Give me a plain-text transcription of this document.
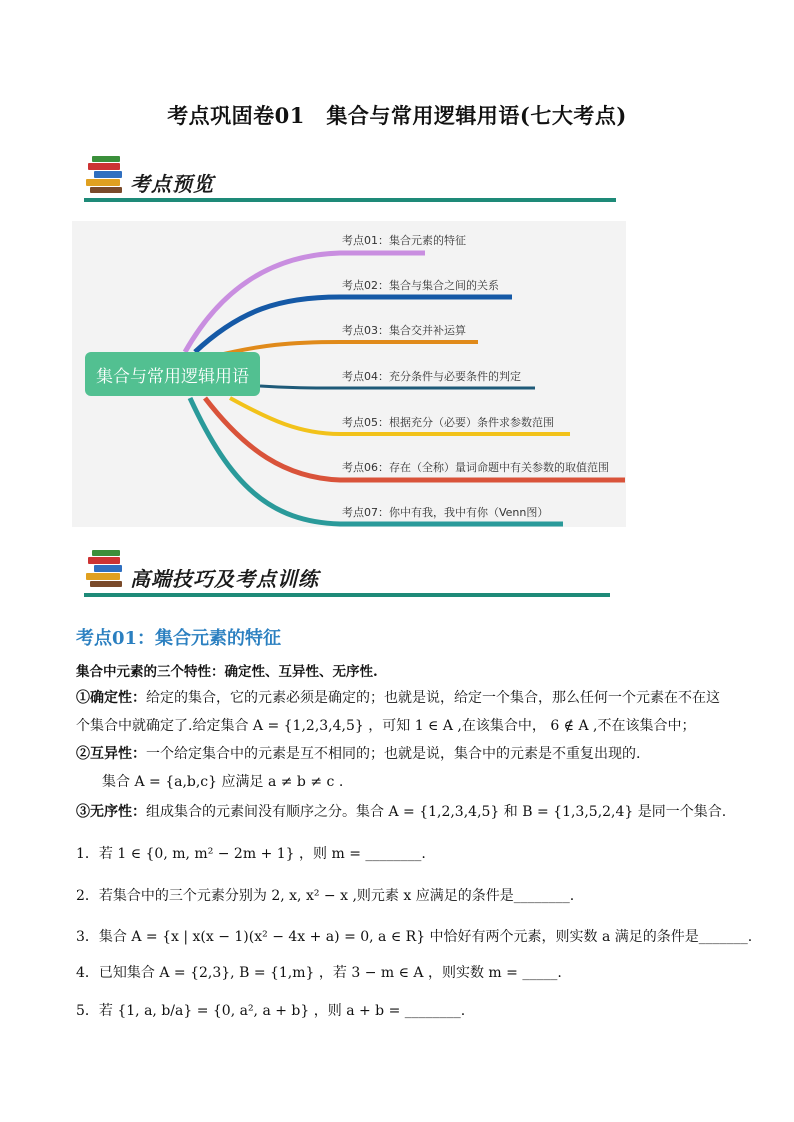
考点巩固卷01　集合与常用逻辑用语(七大考点)
考点预览
集合与常用逻辑用语
考点01：集合元素的特征
考点02：集合与集合之间的关系
考点03：集合交并补运算
考点04：充分条件与必要条件的判定
考点05：根据充分（必要）条件求参数范围
考点06：存在（全称）量词命题中有关参数的取值范围
考点07：你中有我，我中有你（Venn图）
高端技巧及考点训练
考点01：集合元素的特征
集合中元素的三个特性：确定性、互异性、无序性.
①确定性：给定的集合，它的元素必须是确定的；也就是说，给定一个集合，那么任何一个元素在不在这
个集合中就确定了.给定集合 A = {1,2,3,4,5} ，可知 1 ∈ A ,在该集合中， 6 ∉ A ,不在该集合中；
②互异性：一个给定集合中的元素是互不相同的；也就是说，集合中的元素是不重复出现的.
集合 A = {a,b,c} 应满足 a ≠ b ≠ c .
③无序性：组成集合的元素间没有顺序之分。集合 A = {1,2,3,4,5} 和 B = {1,3,5,2,4} 是同一个集合.
1．若 1 ∈ {0, m, m² − 2m + 1} ，则 m = ________.
2．若集合中的三个元素分别为 2, x, x² − x ,则元素 x 应满足的条件是________.
3．集合 A = {x | x(x − 1)(x² − 4x + a) = 0, a ∈ R} 中恰好有两个元素，则实数 a 满足的条件是_______.
4．已知集合 A = {2,3}, B = {1,m} ，若 3 − m ∈ A ，则实数 m = _____.
5．若 {1, a, b/a} = {0, a², a + b} ，则 a + b = ________.
